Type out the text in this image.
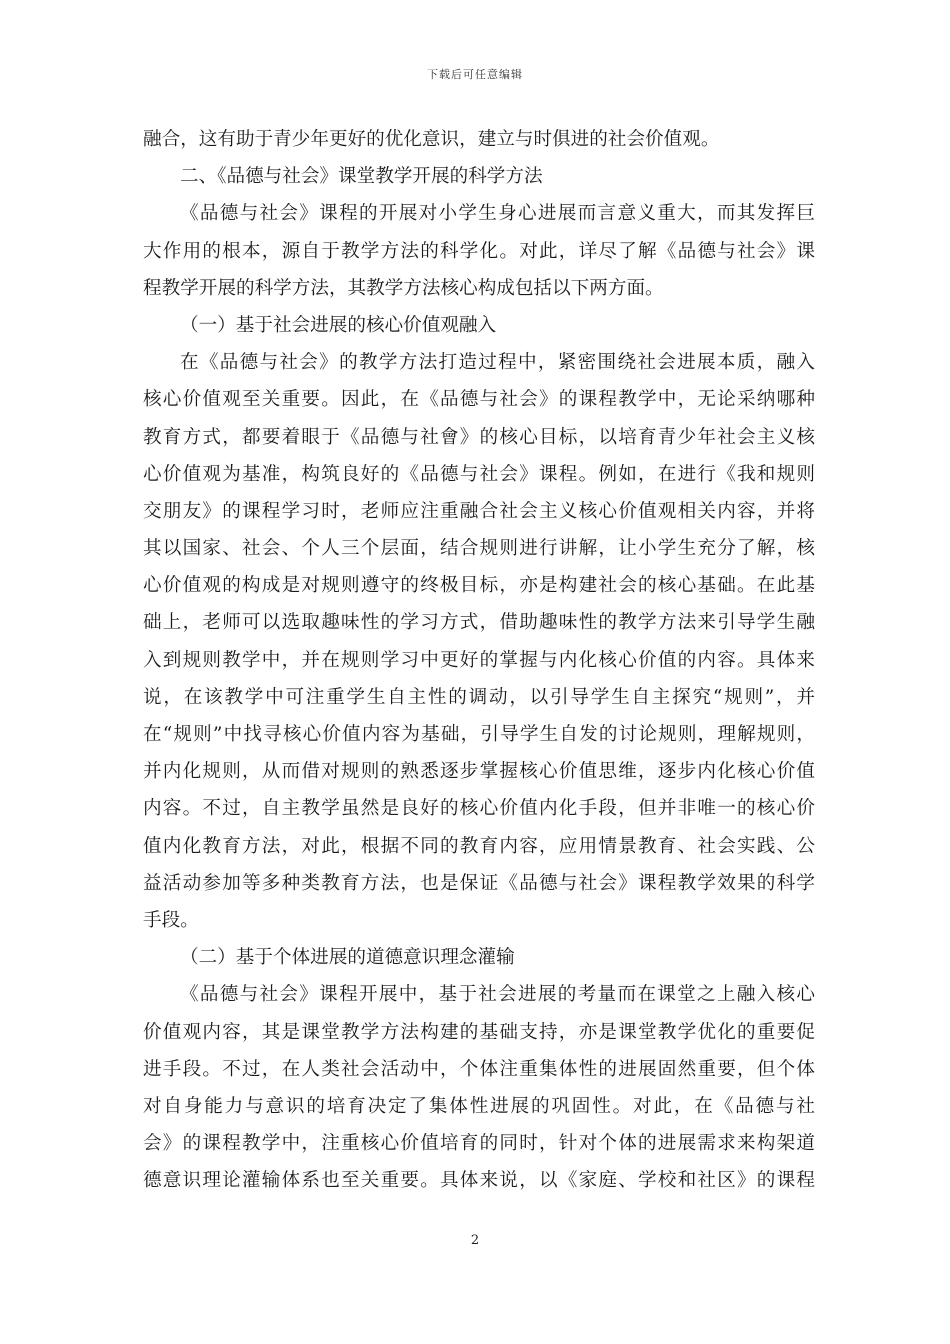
下载后可任意编辑
融合，这有助于青少年更好的优化意识，建立与时俱进的社会价值观。
二、《品德与社会》课堂教学开展的科学方法
《品德与社会》课程的开展对小学生身心进展而言意义重大，而其发挥巨
大作用的根本，源自于教学方法的科学化。对此，详尽了解《品德与社会》课
程教学开展的科学方法，其教学方法核心构成包括以下两方面。
（一）基于社会进展的核心价值观融入
在《品德与社会》的教学方法打造过程中，紧密围绕社会进展本质，融入
核心价值观至关重要。因此，在《品德与社会》的课程教学中，无论采纳哪种
教育方式，都要着眼于《品德与社會》的核心目标，以培育青少年社会主义核
心价值观为基准，构筑良好的《品德与社会》课程。例如，在进行《我和规则
交朋友》的课程学习时，老师应注重融合社会主义核心价值观相关内容，并将
其以国家、社会、个人三个层面，结合规则进行讲解，让小学生充分了解，核
心价值观的构成是对规则遵守的终极目标，亦是构建社会的核心基础。在此基
础上，老师可以选取趣味性的学习方式，借助趣味性的教学方法来引导学生融
入到规则教学中，并在规则学习中更好的掌握与内化核心价值的内容。具体来
说，在该教学中可注重学生自主性的调动，以引导学生自主探究“规则”，并
在“规则”中找寻核心价值内容为基础，引导学生自发的讨论规则，理解规则，
并内化规则，从而借对规则的熟悉逐步掌握核心价值思维，逐步内化核心价值
内容。不过，自主教学虽然是良好的核心价值内化手段，但并非唯一的核心价
值内化教育方法，对此，根据不同的教育内容，应用情景教育、社会实践、公
益活动参加等多种类教育方法，也是保证《品德与社会》课程教学效果的科学
手段。
（二）基于个体进展的道德意识理念灌输
《品德与社会》课程开展中，基于社会进展的考量而在课堂之上融入核心
价值观内容，其是课堂教学方法构建的基础支持，亦是课堂教学优化的重要促
进手段。不过，在人类社会活动中，个体注重集体性的进展固然重要，但个体
对自身能力与意识的培育决定了集体性进展的巩固性。对此，在《品德与社
会》的课程教学中，注重核心价值培育的同时，针对个体的进展需求来构架道
德意识理论灌输体系也至关重要。具体来说，以《家庭、学校和社区》的课程
2
